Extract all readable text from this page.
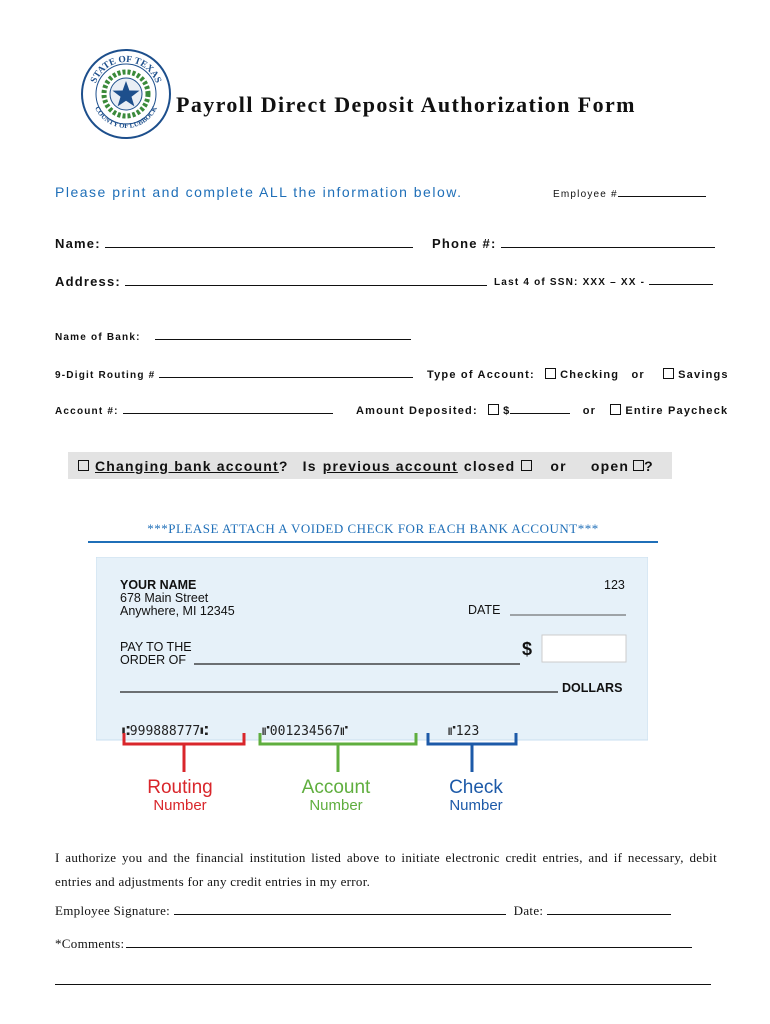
STATE OF TEXAS
COUNTY OF LUBBOCK Payroll Direct Deposit Authorization Form
Please print and complete ALL the information below.	Employee #
Name:	Phone #:
Address:	Last 4 of SSN: XXX – XX -
Name of Bank:
9-Digit Routing #	Type of Account: Checking or	Savings
Account #:	Amount Deposited: $	or	Entire Paycheck
Changing bank account ? Is previous account closed	or open ?
***PLEASE ATTACH A VOIDED CHECK FOR EACH BANK ACCOUNT***
YOUR NAME
678 Main Street
Anywhere, MI 12345
123
DATE
PAY TO THE
ORDER OF
$
DOLLARS
⑆999888777⑆	⑈001234567⑈	⑈123
Routing
Number
Account
Number
Check
Number
I authorize you and the financial institution listed above to initiate electronic credit entries, and if necessary, debit entries and adjustments for any credit entries in my error.
Employee Signature:	Date:
*Comments:
